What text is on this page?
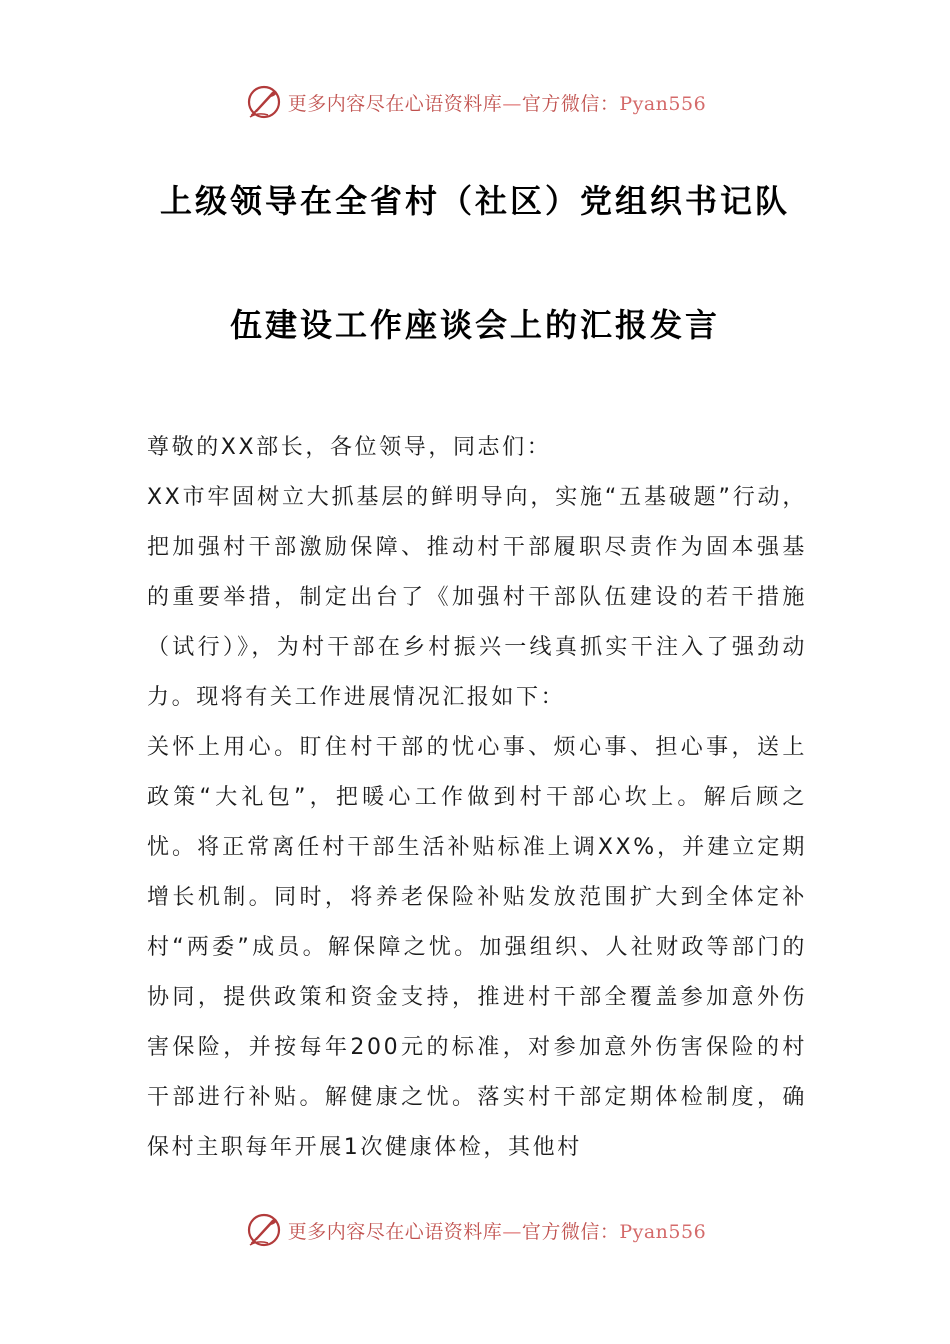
更多内容尽在心语资料库—官方微信：Pyan556
上级领导在全省村（社区）党组织书记队
伍建设工作座谈会上的汇报发言

尊敬的XX部长，各位领导，同志们：

XX市牢固树立大抓基层的鲜明导向，实施“五基破题”行动，把加强村干部激励保障、推动村干部履职尽责作为固本强基的重要举措，制定出台了《加强村干部队伍建设的若干措施（试行）》，为村干部在乡村振兴一线真抓实干注入了强劲动力。现将有关工作进展情况汇报如下：

关怀上用心。盯住村干部的忧心事、烦心事、担心事，送上政策“大礼包”，把暖心工作做到村干部心坎上。解后顾之忧。将正常离任村干部生活补贴标准上调XX%，并建立定期增长机制。同时，将养老保险补贴发放范围扩大到全体定补村“两委”成员。解保障之忧。加强组织、人社财政等部门的协同，提供政策和资金支持，推进村干部全覆盖参加意外伤害保险，并按每年200元的标准，对参加意外伤害保险的村干部进行补贴。解健康之忧。落实村干部定期体检制度，确保村主职每年开展1次健康体检，其他村

更多内容尽在心语资料库—官方微信：Pyan556
